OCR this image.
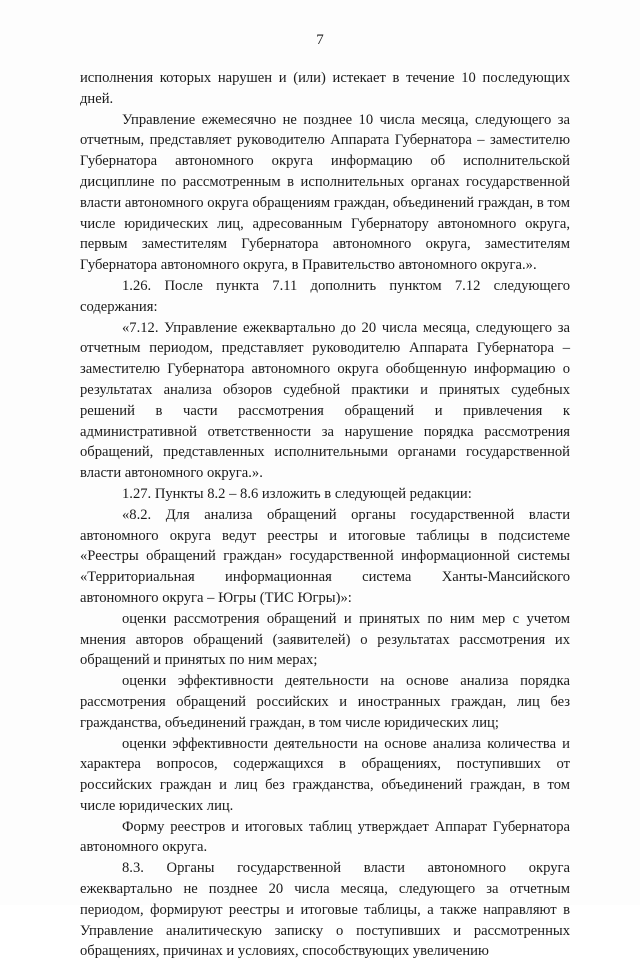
7

исполнения которых нарушен и (или) истекает в течение 10 последующих дней.

Управление ежемесячно не позднее 10 числа месяца, следующего за отчетным, представляет руководителю Аппарата Губернатора – заместителю Губернатора автономного округа информацию об исполнительской дисциплине по рассмотренным в исполнительных органах государственной власти автономного округа обращениям граждан, объединений граждан, в том числе юридических лиц, адресованным Губернатору автономного округа, первым заместителям Губернатора автономного округа, заместителям Губернатора автономного округа, в Правительство автономного округа.».

1.26. После пункта 7.11 дополнить пунктом 7.12 следующего содержания:

«7.12. Управление ежеквартально до 20 числа месяца, следующего за отчетным периодом, представляет руководителю Аппарата Губернатора – заместителю Губернатора автономного округа обобщенную информацию о результатах анализа обзоров судебной практики и принятых судебных решений в части рассмотрения обращений и привлечения к административной ответственности за нарушение порядка рассмотрения обращений, представленных исполнительными органами государственной власти автономного округа.».

1.27. Пункты 8.2 – 8.6 изложить в следующей редакции:

«8.2. Для анализа обращений органы государственной власти автономного округа ведут реестры и итоговые таблицы в подсистеме «Реестры обращений граждан» государственной информационной системы «Территориальная информационная система Ханты-Мансийского автономного округа – Югры (ТИС Югры)»:

оценки рассмотрения обращений и принятых по ним мер с учетом мнения авторов обращений (заявителей) о результатах рассмотрения их обращений и принятых по ним мерах;

оценки эффективности деятельности на основе анализа порядка рассмотрения обращений российских и иностранных граждан, лиц без гражданства, объединений граждан, в том числе юридических лиц;

оценки эффективности деятельности на основе анализа количества и характера вопросов, содержащихся в обращениях, поступивших от российских граждан и лиц без гражданства, объединений граждан, в том числе юридических лиц.

Форму реестров и итоговых таблиц утверждает Аппарат Губернатора автономного округа.

8.3. Органы государственной власти автономного округа ежеквартально не позднее 20 числа месяца, следующего за отчетным периодом, формируют реестры и итоговые таблицы, а также направляют в Управление аналитическую записку о поступивших и рассмотренных обращениях, причинах и условиях, способствующих увеличению
